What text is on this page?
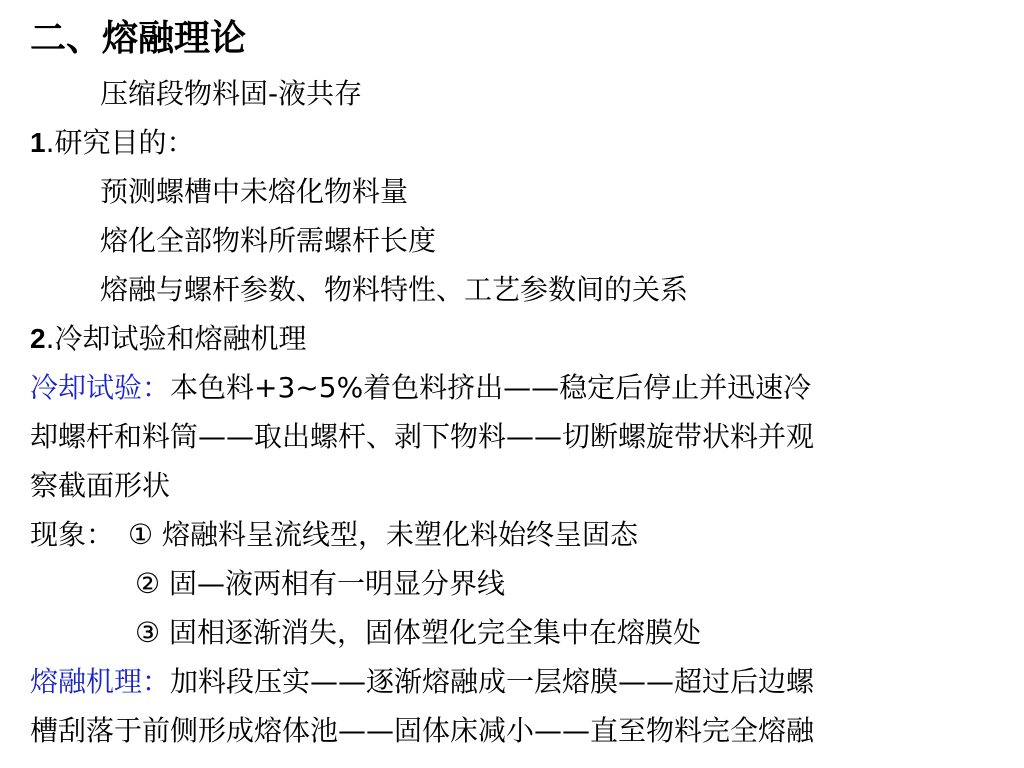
二、熔融理论
压缩段物料固-液共存
1.研究目的：
预测螺槽中未熔化物料量
熔化全部物料所需螺杆长度
熔融与螺杆参数、物料特性、工艺参数间的关系
2.冷却试验和熔融机理
冷却试验：本色料+3~5%着色料挤出——稳定后停止并迅速冷
却螺杆和料筒——取出螺杆、剥下物料——切断螺旋带状料并观
察截面形状
现象： ① 熔融料呈流线型，未塑化料始终呈固态
② 固—液两相有一明显分界线
③ 固相逐渐消失，固体塑化完全集中在熔膜处
熔融机理：加料段压实——逐渐熔融成一层熔膜——超过后边螺
槽刮落于前侧形成熔体池——固体床减小——直至物料完全熔融
